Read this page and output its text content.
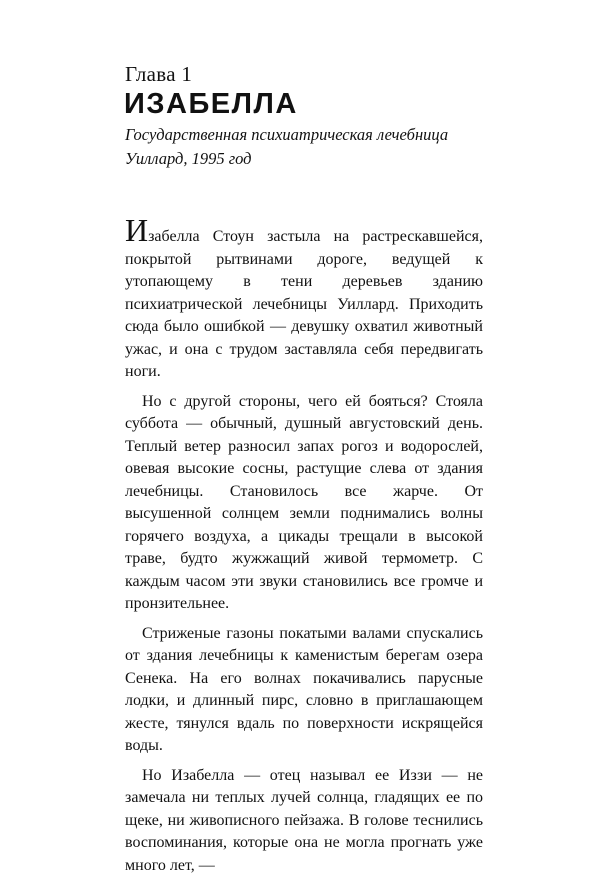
Глава 1
ИЗАБЕЛЛА
Государственная психиатрическая лечебница Уиллард, 1995 год

Изабелла Стоун застыла на растрескавшейся, покрытой рытвинами дороге, ведущей к утопающему в тени деревьев зданию психиатрической лечебницы Уиллард. Приходить сюда было ошибкой — девушку охватил животный ужас, и она с трудом заставляла себя передвигать ноги.

Но с другой стороны, чего ей бояться? Стояла суббота — обычный, душный августовский день. Теплый ветер разносил запах рогоз и водорослей, овевая высокие сосны, растущие слева от здания лечебницы. Становилось все жарче. От высушенной солнцем земли поднимались волны горячего воздуха, а цикады трещали в высокой траве, будто жужжащий живой термометр. С каждым часом эти звуки становились все громче и пронзительнее.

Стриженые газоны покатыми валами спускались от здания лечебницы к каменистым берегам озера Сенека. На его волнах покачивались парусные лодки, и длинный пирс, словно в приглашающем жесте, тянулся вдаль по поверхности искрящейся воды.

Но Изабелла — отец называл ее Иззи — не замечала ни теплых лучей солнца, гладящих ее по щеке, ни живописного пейзажа. В голове теснились воспоминания, которые она не могла прогнать уже много лет, —
